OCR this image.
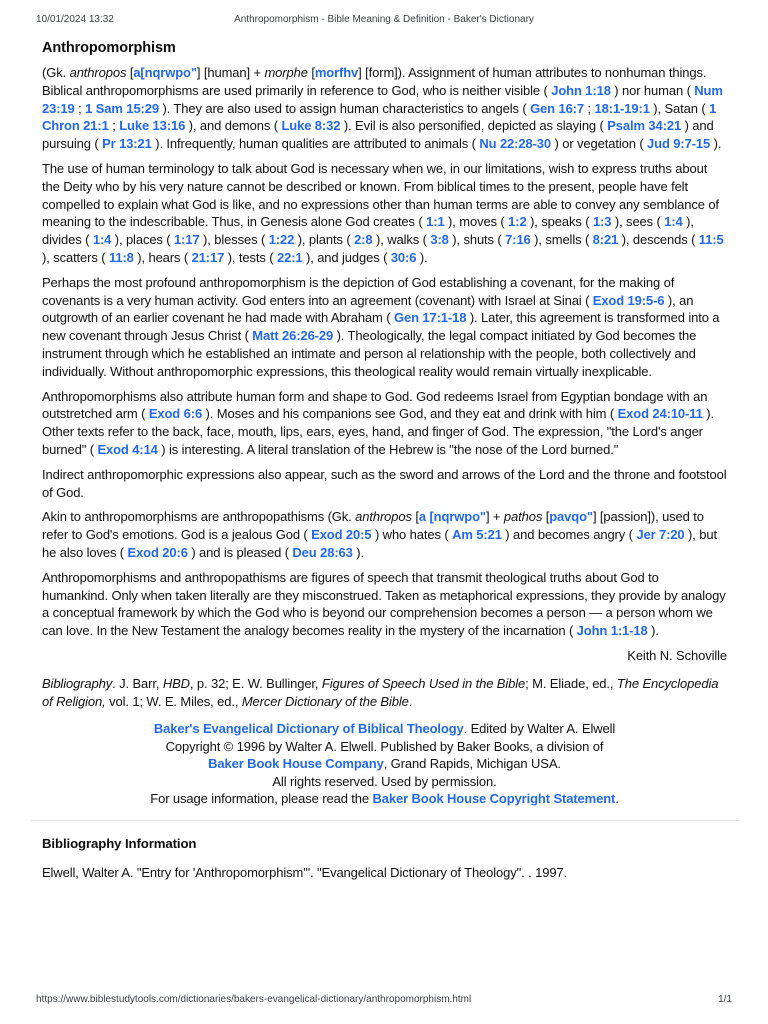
10/01/2024 13:32	Anthropomorphism - Bible Meaning & Definition - Baker's Dictionary
Anthropomorphism
(Gk. anthropos [a[nqrwpo"] [human] + morphe [morfhv] [form]). Assignment of human attributes to nonhuman things. Biblical anthropomorphisms are used primarily in reference to God, who is neither visible ( John 1:18 ) nor human ( Num 23:19 ; 1 Sam 15:29 ). They are also used to assign human characteristics to angels ( Gen 16:7 ; 18:1-19:1 ), Satan ( 1 Chron 21:1 ; Luke 13:16 ), and demons ( Luke 8:32 ). Evil is also personified, depicted as slaying ( Psalm 34:21 ) and pursuing ( Pr 13:21 ). Infrequently, human qualities are attributed to animals ( Nu 22:28-30 ) or vegetation ( Jud 9:7-15 ).
The use of human terminology to talk about God is necessary when we, in our limitations, wish to express truths about the Deity who by his very nature cannot be described or known. From biblical times to the present, people have felt compelled to explain what God is like, and no expressions other than human terms are able to convey any semblance of meaning to the indescribable. Thus, in Genesis alone God creates ( 1:1 ), moves ( 1:2 ), speaks ( 1:3 ), sees ( 1:4 ), divides ( 1:4 ), places ( 1:17 ), blesses ( 1:22 ), plants ( 2:8 ), walks ( 3:8 ), shuts ( 7:16 ), smells ( 8:21 ), descends ( 11:5 ), scatters ( 11:8 ), hears ( 21:17 ), tests ( 22:1 ), and judges ( 30:6 ).
Perhaps the most profound anthropomorphism is the depiction of God establishing a covenant, for the making of covenants is a very human activity. God enters into an agreement (covenant) with Israel at Sinai ( Exod 19:5-6 ), an outgrowth of an earlier covenant he had made with Abraham ( Gen 17:1-18 ). Later, this agreement is transformed into a new covenant through Jesus Christ ( Matt 26:26-29 ). Theologically, the legal compact initiated by God becomes the instrument through which he established an intimate and person al relationship with the people, both collectively and individually. Without anthropomorphic expressions, this theological reality would remain virtually inexplicable.
Anthropomorphisms also attribute human form and shape to God. God redeems Israel from Egyptian bondage with an outstretched arm ( Exod 6:6 ). Moses and his companions see God, and they eat and drink with him ( Exod 24:10-11 ). Other texts refer to the back, face, mouth, lips, ears, eyes, hand, and finger of God. The expression, "the Lord's anger burned" ( Exod 4:14 ) is interesting. A literal translation of the Hebrew is "the nose of the Lord burned."
Indirect anthropomorphic expressions also appear, such as the sword and arrows of the Lord and the throne and footstool of God.
Akin to anthropomorphisms are anthropopathisms (Gk. anthropos [a [nqrwpo"] + pathos [pavqo"] [passion]), used to refer to God's emotions. God is a jealous God ( Exod 20:5 ) who hates ( Am 5:21 ) and becomes angry ( Jer 7:20 ), but he also loves ( Exod 20:6 ) and is pleased ( Deu 28:63 ).
Anthropomorphisms and anthropopathisms are figures of speech that transmit theological truths about God to humankind. Only when taken literally are they misconstrued. Taken as metaphorical expressions, they provide by analogy a conceptual framework by which the God who is beyond our comprehension becomes a person — a person whom we can love. In the New Testament the analogy becomes reality in the mystery of the incarnation ( John 1:1-18 ).
Keith N. Schoville

Bibliography. J. Barr, HBD, p. 32; E. W. Bullinger, Figures of Speech Used in the Bible; M. Eliade, ed., The Encyclopedia of Religion, vol. 1; W. E. Miles, ed., Mercer Dictionary of the Bible.

Baker's Evangelical Dictionary of Biblical Theology. Edited by Walter A. Elwell
Copyright © 1996 by Walter A. Elwell. Published by Baker Books, a division of
Baker Book House Company, Grand Rapids, Michigan USA.
All rights reserved. Used by permission.
For usage information, please read the Baker Book House Copyright Statement.
Bibliography Information

Elwell, Walter A. "Entry for 'Anthropomorphism'". "Evangelical Dictionary of Theology". . 1997.

https://www.biblestudytools.com/dictionaries/bakers-evangelical-dictionary/anthropomorphism.html	1/1
